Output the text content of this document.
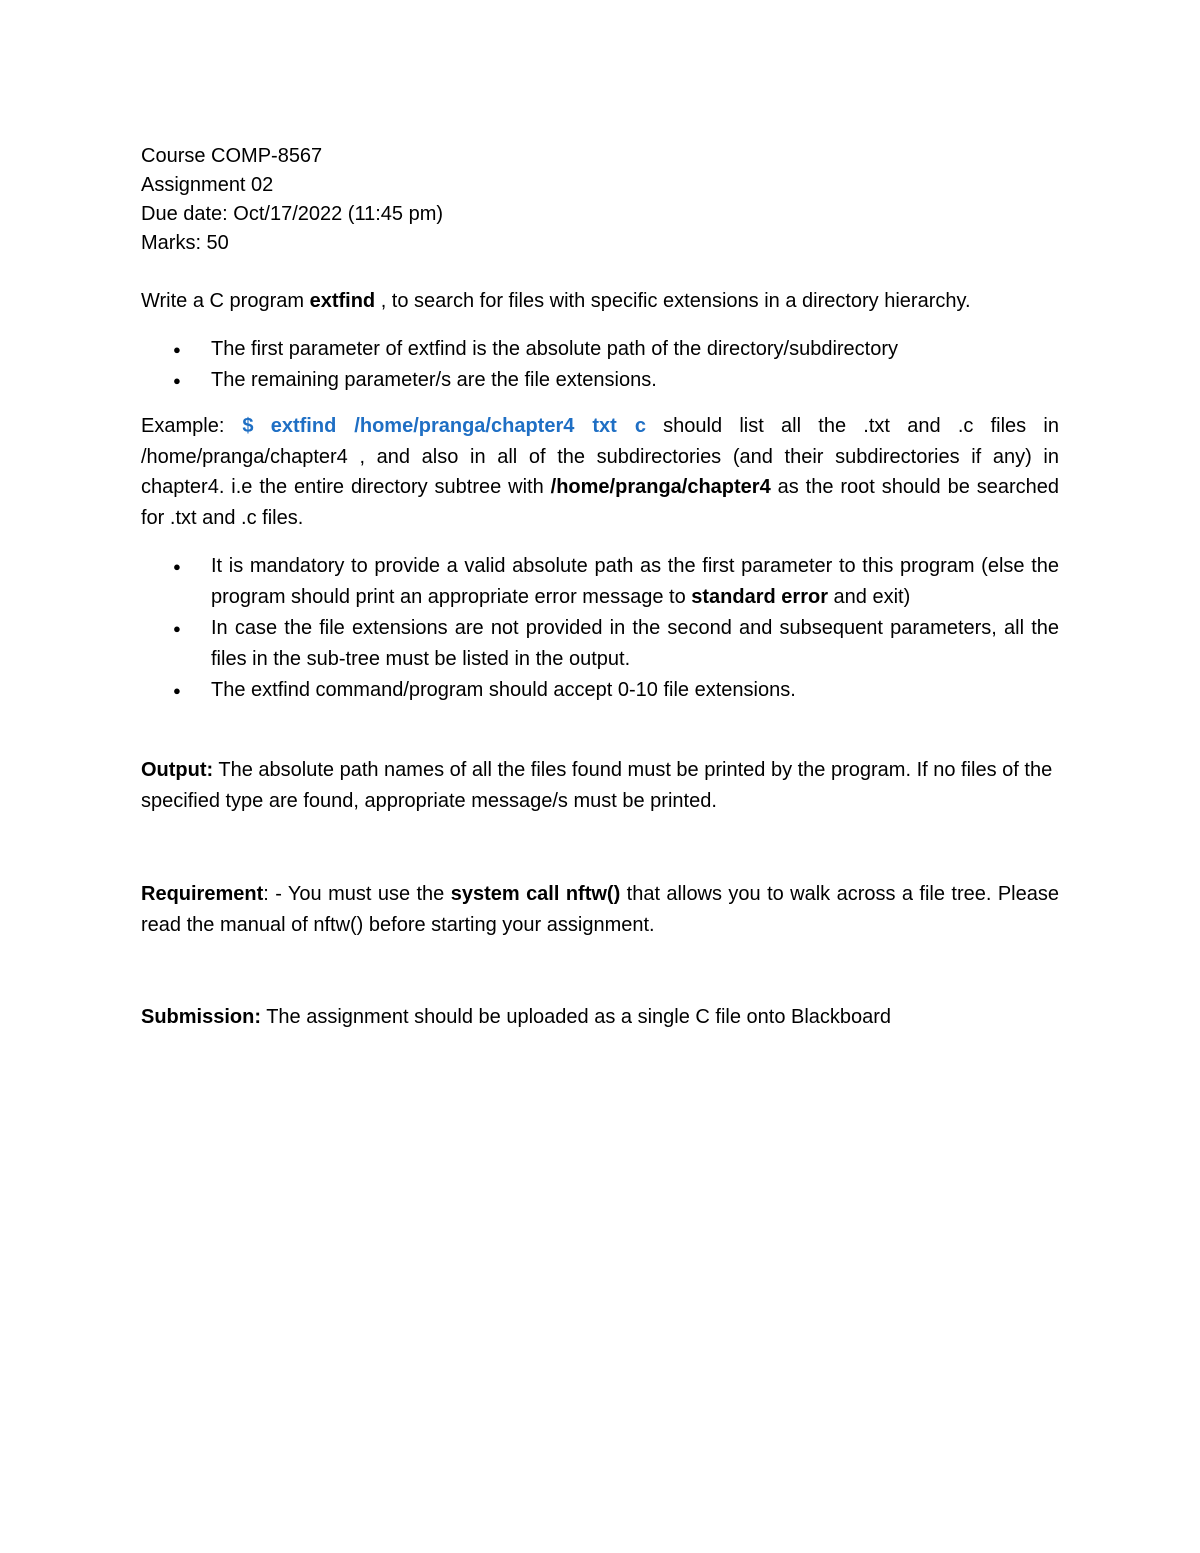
Course COMP-8567
Assignment 02
Due date: Oct/17/2022 (11:45 pm)
Marks: 50

Write a C program extfind , to search for files with specific extensions in a directory hierarchy.

● The first parameter of extfind is the absolute path of the directory/subdirectory
● The remaining parameter/s are the file extensions.

Example: $ extfind /home/pranga/chapter4 txt c should list all the .txt and .c files in /home/pranga/chapter4 , and also in all of the subdirectories (and their subdirectories if any) in chapter4. i.e the entire directory subtree with /home/pranga/chapter4 as the root should be searched for .txt and .c files.

● It is mandatory to provide a valid absolute path as the first parameter to this program (else the program should print an appropriate error message to standard error and exit)
● In case the file extensions are not provided in the second and subsequent parameters, all the files in the sub-tree must be listed in the output.
● The extfind command/program should accept 0-10 file extensions.

Output: The absolute path names of all the files found must be printed by the program. If no files of the specified type are found, appropriate message/s must be printed.

Requirement: - You must use the system call nftw() that allows you to walk across a file tree. Please read the manual of nftw() before starting your assignment.

Submission: The assignment should be uploaded as a single C file onto Blackboard
